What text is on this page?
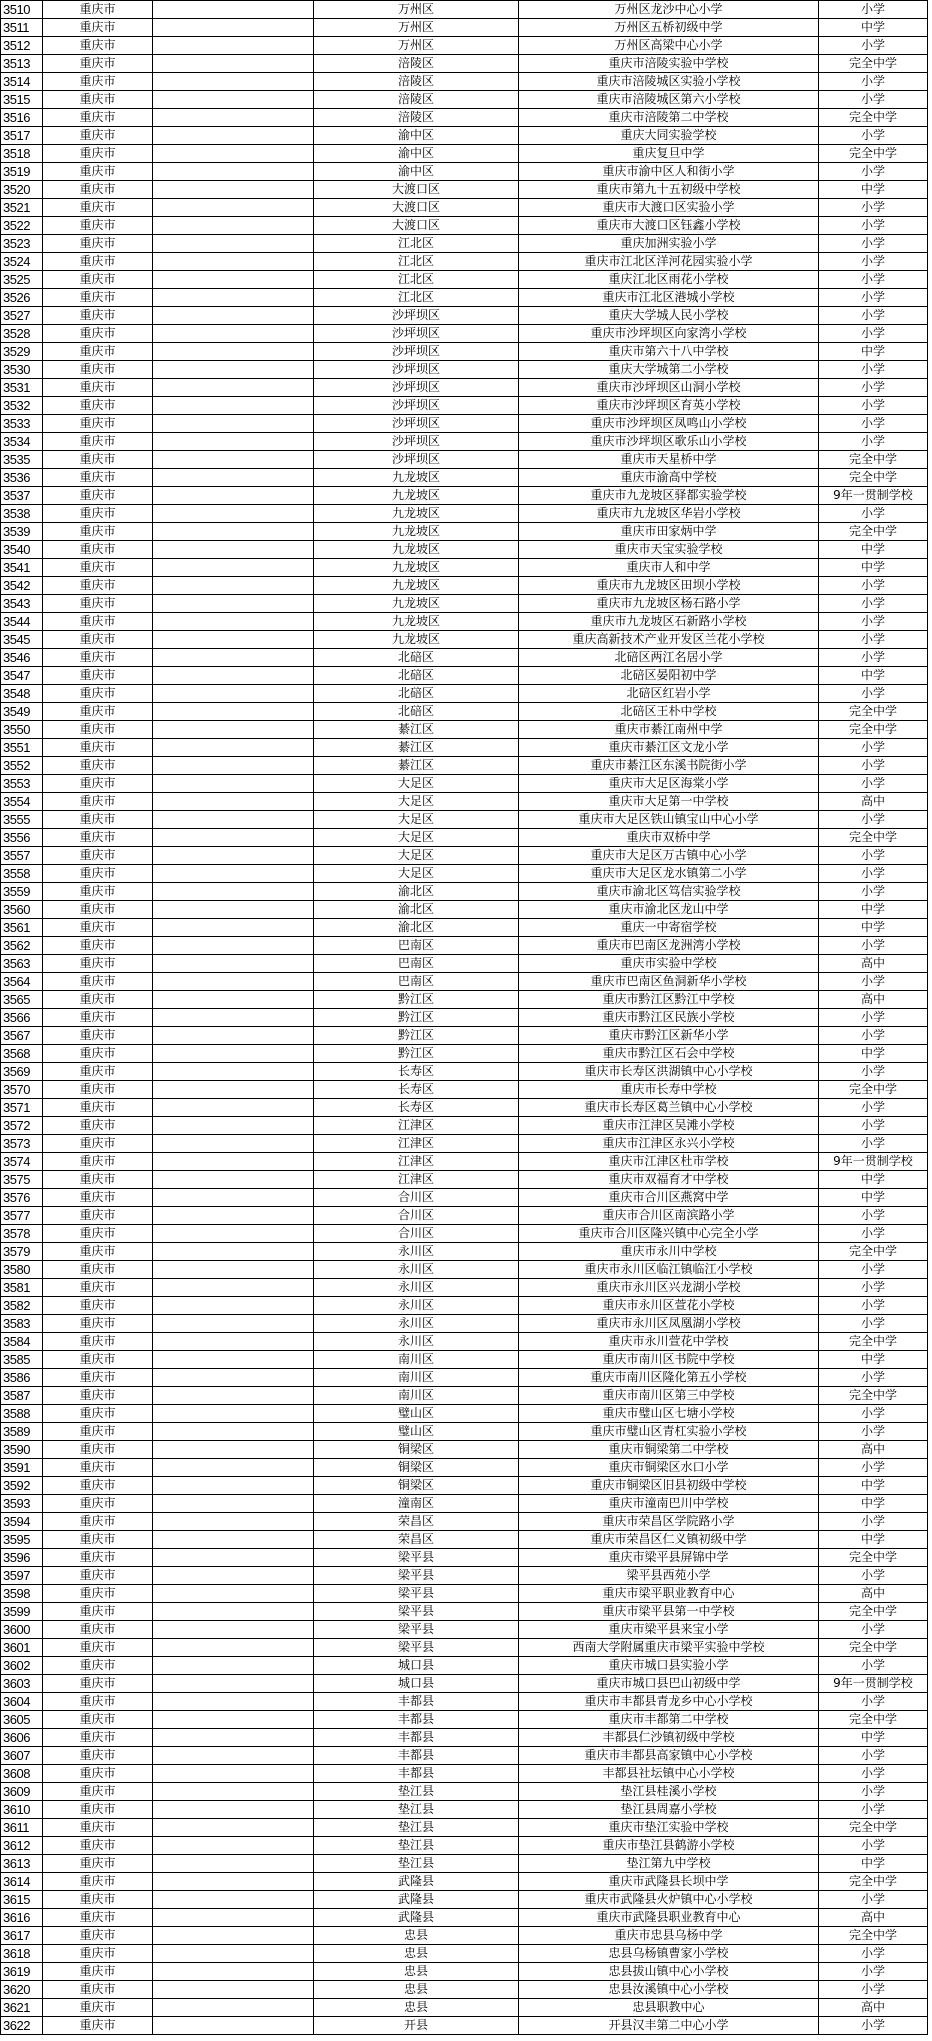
3510	重庆市		万州区	万州区龙沙中心小学	小学
3511	重庆市		万州区	万州区五桥初级中学	中学
3512	重庆市		万州区	万州区高梁中心小学	小学
3513	重庆市		涪陵区	重庆市涪陵实验中学校	完全中学
3514	重庆市		涪陵区	重庆市涪陵城区实验小学校	小学
3515	重庆市		涪陵区	重庆市涪陵城区第六小学校	小学
3516	重庆市		涪陵区	重庆市涪陵第二中学校	完全中学
3517	重庆市		渝中区	重庆大同实验学校	小学
3518	重庆市		渝中区	重庆复旦中学	完全中学
3519	重庆市		渝中区	重庆市渝中区人和街小学	小学
3520	重庆市		大渡口区	重庆市第九十五初级中学校	中学
3521	重庆市		大渡口区	重庆市大渡口区实验小学	小学
3522	重庆市		大渡口区	重庆市大渡口区钰鑫小学校	小学
3523	重庆市		江北区	重庆加洲实验小学	小学
3524	重庆市		江北区	重庆市江北区洋河花园实验小学	小学
3525	重庆市		江北区	重庆江北区雨花小学校	小学
3526	重庆市		江北区	重庆市江北区港城小学校	小学
3527	重庆市		沙坪坝区	重庆大学城人民小学校	小学
3528	重庆市		沙坪坝区	重庆市沙坪坝区向家湾小学校	小学
3529	重庆市		沙坪坝区	重庆市第六十八中学校	中学
3530	重庆市		沙坪坝区	重庆大学城第二小学校	小学
3531	重庆市		沙坪坝区	重庆市沙坪坝区山洞小学校	小学
3532	重庆市		沙坪坝区	重庆市沙坪坝区育英小学校	小学
3533	重庆市		沙坪坝区	重庆市沙坪坝区凤鸣山小学校	小学
3534	重庆市		沙坪坝区	重庆市沙坪坝区歌乐山小学校	小学
3535	重庆市		沙坪坝区	重庆市天星桥中学	完全中学
3536	重庆市		九龙坡区	重庆市渝高中学校	完全中学
3537	重庆市		九龙坡区	重庆市九龙坡区驿都实验学校	9年一贯制学校
3538	重庆市		九龙坡区	重庆市九龙坡区华岩小学校	小学
3539	重庆市		九龙坡区	重庆市田家炳中学	完全中学
3540	重庆市		九龙坡区	重庆市天宝实验学校	中学
3541	重庆市		九龙坡区	重庆市人和中学	中学
3542	重庆市		九龙坡区	重庆市九龙坡区田坝小学校	小学
3543	重庆市		九龙坡区	重庆市九龙坡区杨石路小学	小学
3544	重庆市		九龙坡区	重庆市九龙坡区石新路小学校	小学
3545	重庆市		九龙坡区	重庆高新技术产业开发区兰花小学校	小学
3546	重庆市		北碚区	北碚区两江名居小学	小学
3547	重庆市		北碚区	北碚区晏阳初中学	中学
3548	重庆市		北碚区	北碚区红岩小学	小学
3549	重庆市		北碚区	北碚区王朴中学校	完全中学
3550	重庆市		綦江区	重庆市綦江南州中学	完全中学
3551	重庆市		綦江区	重庆市綦江区文龙小学	小学
3552	重庆市		綦江区	重庆市綦江区东溪书院街小学	小学
3553	重庆市		大足区	重庆市大足区海棠小学	小学
3554	重庆市		大足区	重庆市大足第一中学校	高中
3555	重庆市		大足区	重庆市大足区铁山镇宝山中心小学	小学
3556	重庆市		大足区	重庆市双桥中学	完全中学
3557	重庆市		大足区	重庆市大足区万古镇中心小学	小学
3558	重庆市		大足区	重庆市大足区龙水镇第二小学	小学
3559	重庆市		渝北区	重庆市渝北区笃信实验学校	小学
3560	重庆市		渝北区	重庆市渝北区龙山中学	中学
3561	重庆市		渝北区	重庆一中寄宿学校	中学
3562	重庆市		巴南区	重庆市巴南区龙洲湾小学校	小学
3563	重庆市		巴南区	重庆市实验中学校	高中
3564	重庆市		巴南区	重庆市巴南区鱼洞新华小学校	小学
3565	重庆市		黔江区	重庆市黔江区黔江中学校	高中
3566	重庆市		黔江区	重庆市黔江区民族小学校	小学
3567	重庆市		黔江区	重庆市黔江区新华小学	小学
3568	重庆市		黔江区	重庆市黔江区石会中学校	中学
3569	重庆市		长寿区	重庆市长寿区洪湖镇中心小学校	小学
3570	重庆市		长寿区	重庆市长寿中学校	完全中学
3571	重庆市		长寿区	重庆市长寿区葛兰镇中心小学校	小学
3572	重庆市		江津区	重庆市江津区吴滩小学校	小学
3573	重庆市		江津区	重庆市江津区永兴小学校	小学
3574	重庆市		江津区	重庆市江津区杜市学校	9年一贯制学校
3575	重庆市		江津区	重庆市双福育才中学校	中学
3576	重庆市		合川区	重庆市合川区燕窝中学	中学
3577	重庆市		合川区	重庆市合川区南滨路小学	小学
3578	重庆市		合川区	重庆市合川区隆兴镇中心完全小学	小学
3579	重庆市		永川区	重庆市永川中学校	完全中学
3580	重庆市		永川区	重庆市永川区临江镇临江小学校	小学
3581	重庆市		永川区	重庆市永川区兴龙湖小学校	小学
3582	重庆市		永川区	重庆市永川区萱花小学校	小学
3583	重庆市		永川区	重庆市永川区凤凰湖小学校	小学
3584	重庆市		永川区	重庆市永川萱花中学校	完全中学
3585	重庆市		南川区	重庆市南川区书院中学校	中学
3586	重庆市		南川区	重庆市南川区隆化第五小学校	小学
3587	重庆市		南川区	重庆市南川区第三中学校	完全中学
3588	重庆市		璧山区	重庆市璧山区七塘小学校	小学
3589	重庆市		璧山区	重庆市璧山区青杠实验小学校	小学
3590	重庆市		铜梁区	重庆市铜梁第二中学校	高中
3591	重庆市		铜梁区	重庆市铜梁区水口小学	小学
3592	重庆市		铜梁区	重庆市铜梁区旧县初级中学校	中学
3593	重庆市		潼南区	重庆市潼南巴川中学校	中学
3594	重庆市		荣昌区	重庆市荣昌区学院路小学	小学
3595	重庆市		荣昌区	重庆市荣昌区仁义镇初级中学	中学
3596	重庆市		梁平县	重庆市梁平县屏锦中学	完全中学
3597	重庆市		梁平县	梁平县西苑小学	小学
3598	重庆市		梁平县	重庆市梁平职业教育中心	高中
3599	重庆市		梁平县	重庆市梁平县第一中学校	完全中学
3600	重庆市		梁平县	重庆市梁平县来宝小学	小学
3601	重庆市		梁平县	西南大学附属重庆市梁平实验中学校	完全中学
3602	重庆市		城口县	重庆市城口县实验小学	小学
3603	重庆市		城口县	重庆市城口县巴山初级中学	9年一贯制学校
3604	重庆市		丰都县	重庆市丰都县青龙乡中心小学校	小学
3605	重庆市		丰都县	重庆市丰都第二中学校	完全中学
3606	重庆市		丰都县	丰都县仁沙镇初级中学校	中学
3607	重庆市		丰都县	重庆市丰都县高家镇中心小学校	小学
3608	重庆市		丰都县	丰都县社坛镇中心小学校	小学
3609	重庆市		垫江县	垫江县桂溪小学校	小学
3610	重庆市		垫江县	垫江县周嘉小学校	小学
3611	重庆市		垫江县	重庆市垫江实验中学校	完全中学
3612	重庆市		垫江县	重庆市垫江县鹤游小学校	小学
3613	重庆市		垫江县	垫江第九中学校	中学
3614	重庆市		武隆县	重庆市武隆县长坝中学	完全中学
3615	重庆市		武隆县	重庆市武隆县火炉镇中心小学校	小学
3616	重庆市		武隆县	重庆市武隆县职业教育中心	高中
3617	重庆市		忠县	重庆市忠县乌杨中学	完全中学
3618	重庆市		忠县	忠县乌杨镇曹家小学校	小学
3619	重庆市		忠县	忠县拔山镇中心小学校	小学
3620	重庆市		忠县	忠县汝溪镇中心小学校	小学
3621	重庆市		忠县	忠县职教中心	高中
3622	重庆市		开县	开县汉丰第二中心小学	小学
